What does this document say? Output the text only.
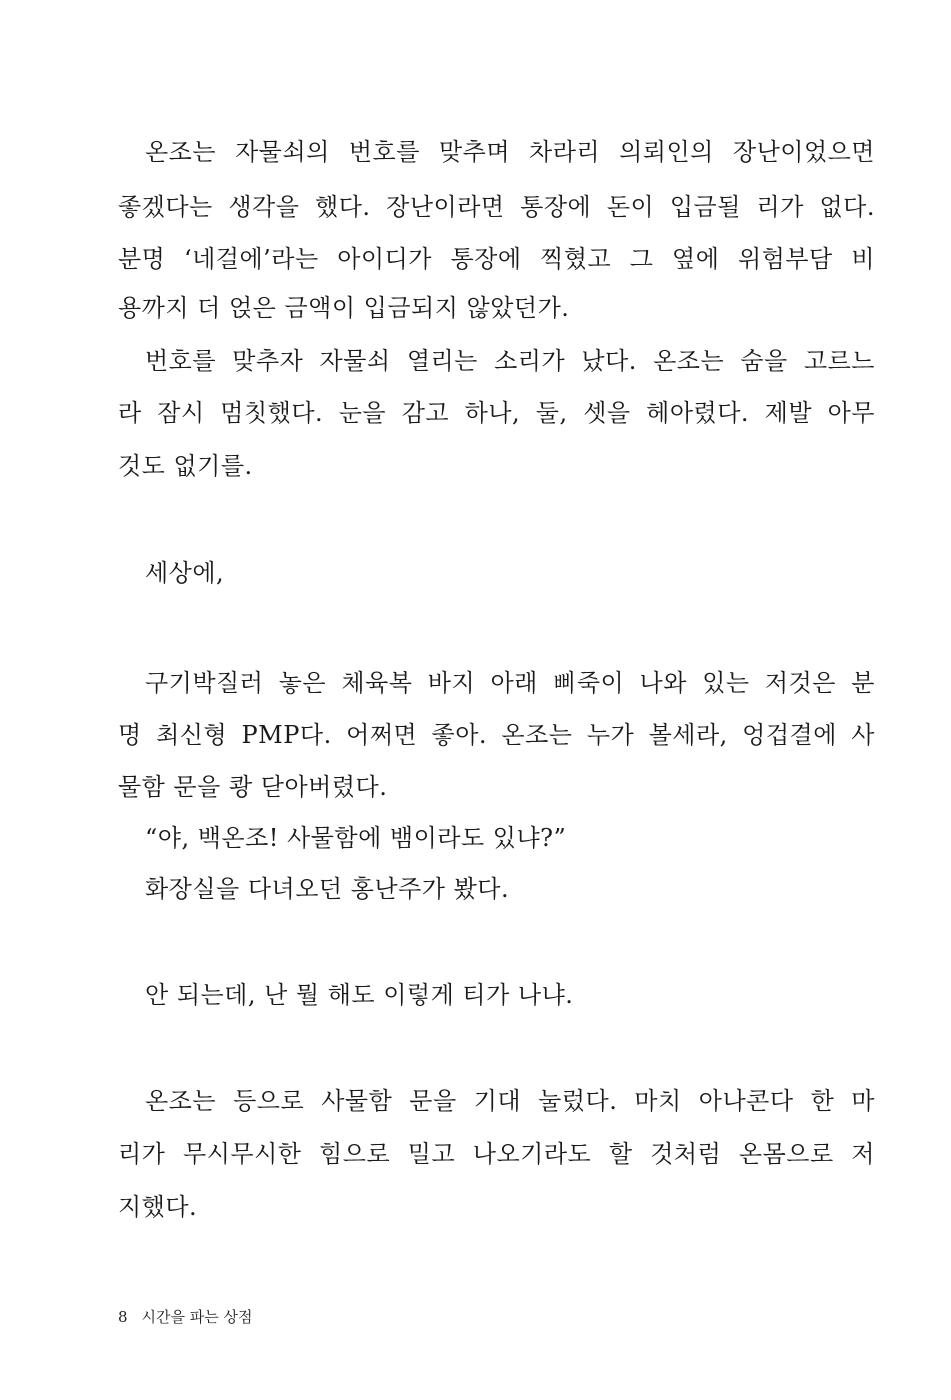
온조는 자물쇠의 번호를 맞추며 차라리 의뢰인의 장난이었으면
좋겠다는 생각을 했다. 장난이라면 통장에 돈이 입금될 리가 없다.
분명 ‘네걸에’라는 아이디가 통장에 찍혔고 그 옆에 위험부담 비
용까지 더 얹은 금액이 입금되지 않았던가.
번호를 맞추자 자물쇠 열리는 소리가 났다. 온조는 숨을 고르느
라 잠시 멈칫했다. 눈을 감고 하나, 둘, 셋을 헤아렸다. 제발 아무
것도 없기를.
세상에,
구기박질러 놓은 체육복 바지 아래 삐죽이 나와 있는 저것은 분
명 최신형 PMP다. 어쩌면 좋아. 온조는 누가 볼세라, 엉겁결에 사
물함 문을 쾅 닫아버렸다.
“야, 백온조! 사물함에 뱀이라도 있냐?”
화장실을 다녀오던 홍난주가 봤다.
안 되는데, 난 뭘 해도 이렇게 티가 나냐.
온조는 등으로 사물함 문을 기대 눌렀다. 마치 아나콘다 한 마
리가 무시무시한 힘으로 밀고 나오기라도 할 것처럼 온몸으로 저
지했다.
8 시간을 파는 상점
